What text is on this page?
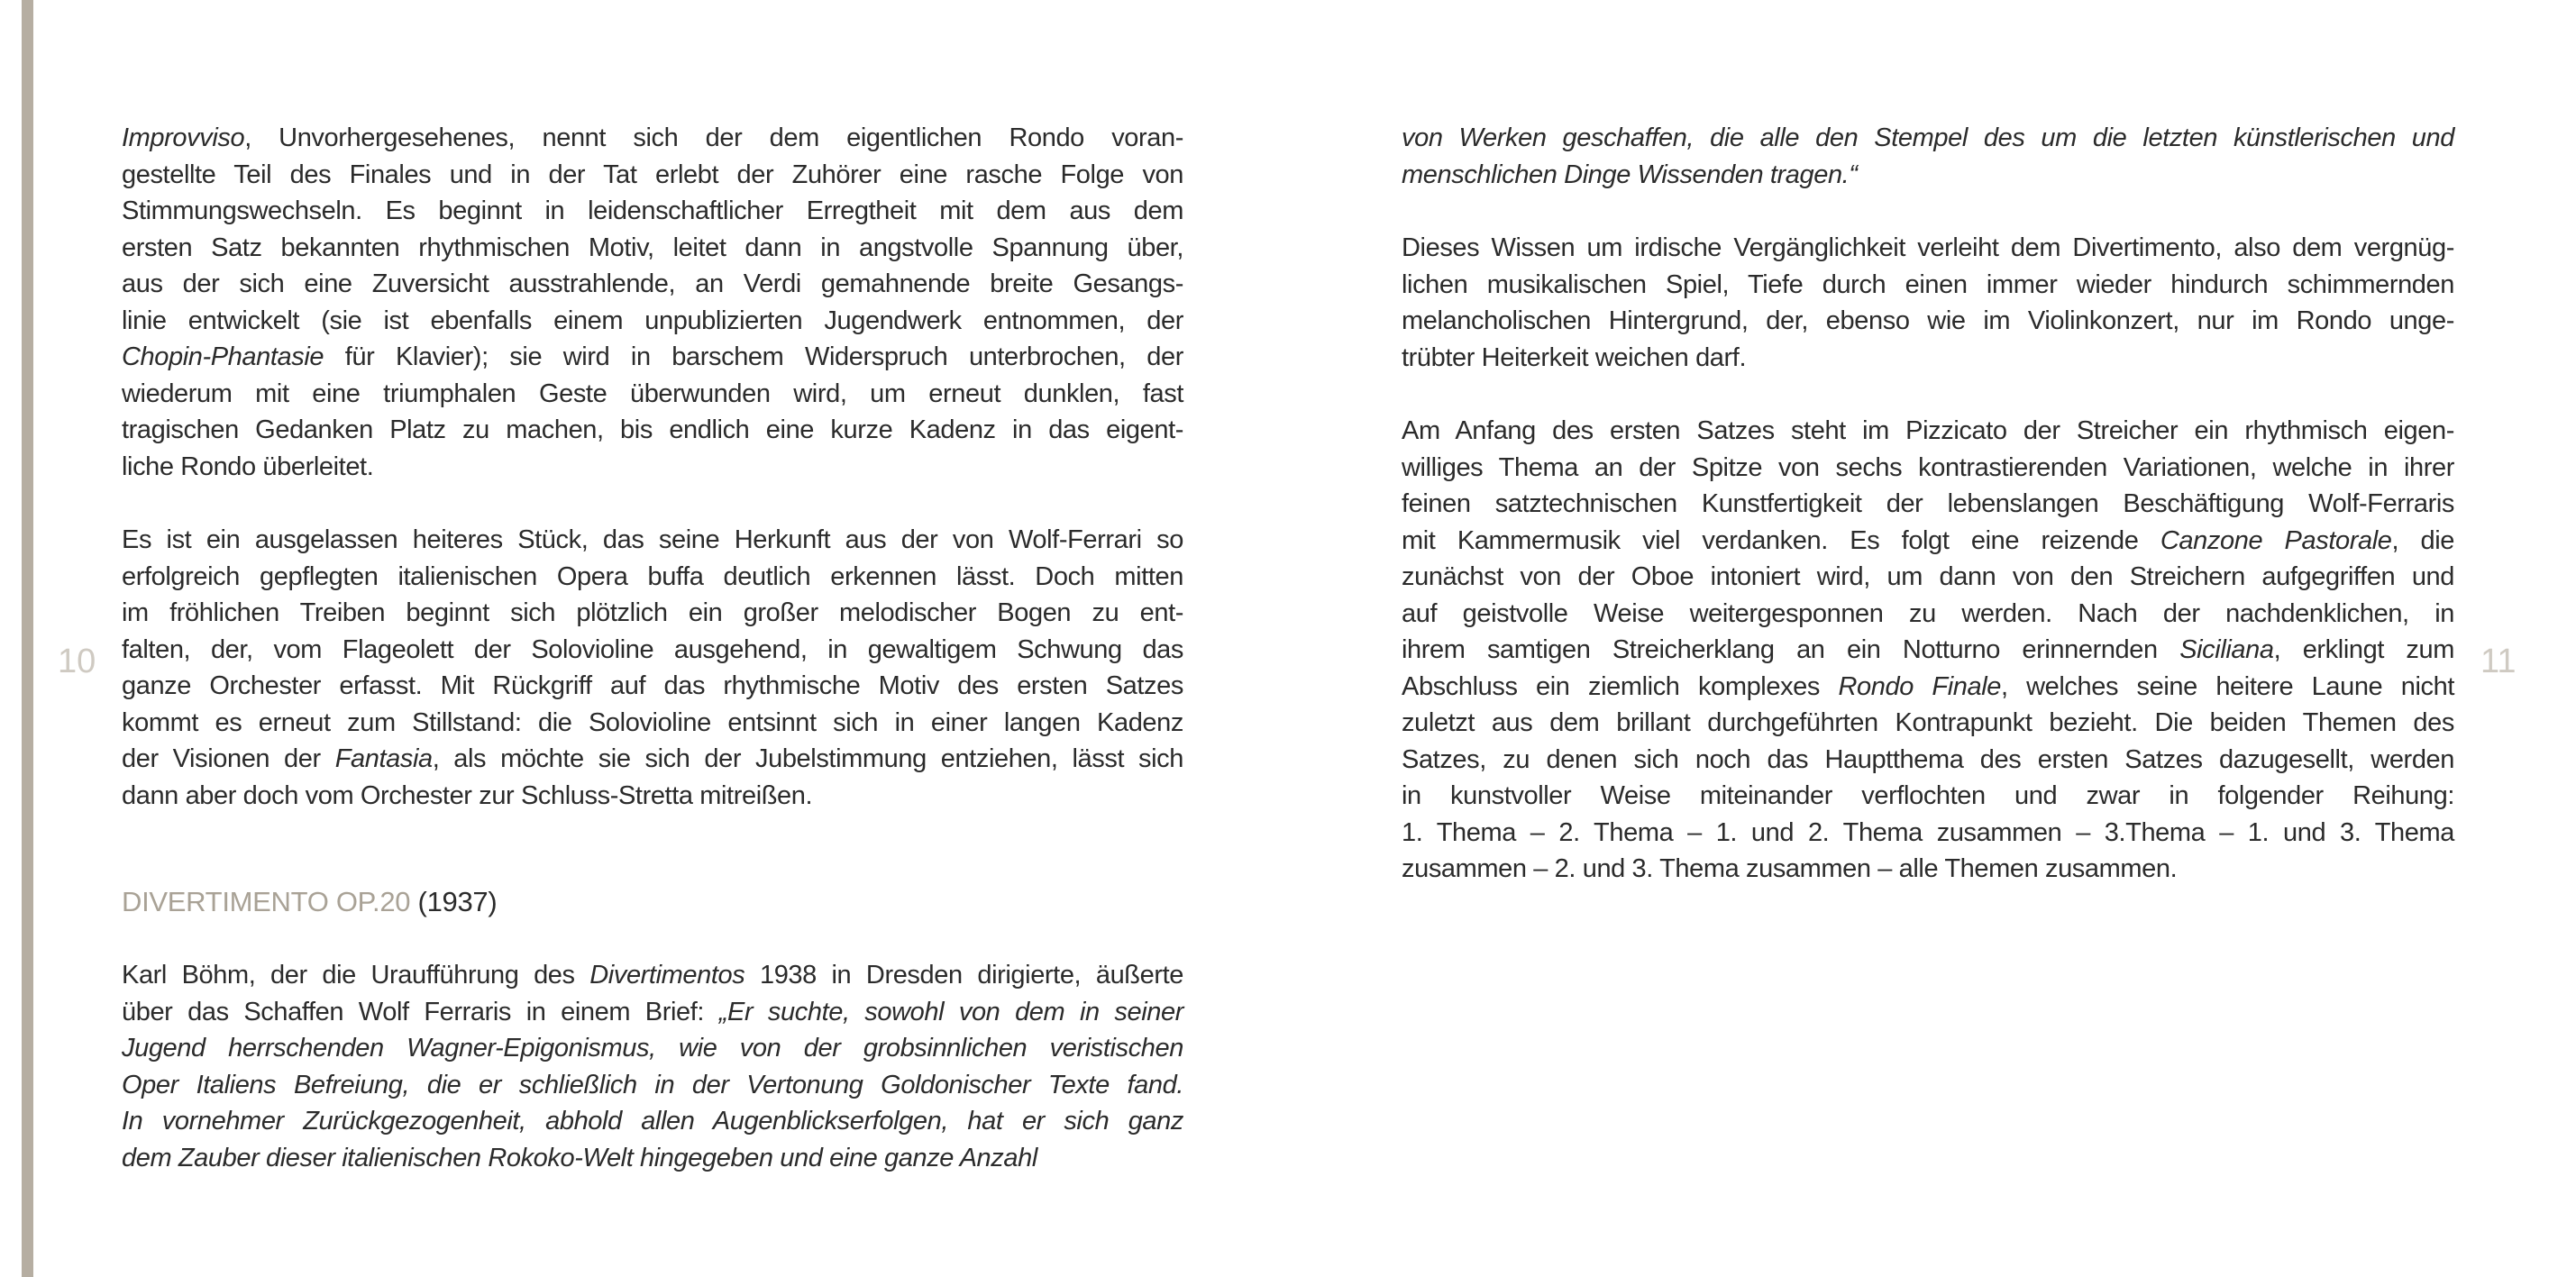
10	11
Improvviso, Unvorhergesehenes, nennt sich der dem eigentlichen Rondo voran-
gestellte Teil des Finales und in der Tat erlebt der Zuhörer eine rasche Folge von
Stimmungswechseln. Es beginnt in leidenschaftlicher Erregtheit mit dem aus dem
ersten Satz bekannten rhythmischen Motiv, leitet dann in angstvolle Spannung über,
aus der sich eine Zuversicht ausstrahlende, an Verdi gemahnende breite Gesangs-
linie entwickelt (sie ist ebenfalls einem unpublizierten Jugendwerk entnommen, der
Chopin-Phantasie für Klavier); sie wird in barschem Widerspruch unterbrochen, der
wiederum mit eine triumphalen Geste überwunden wird, um erneut dunklen, fast
tragischen Gedanken Platz zu machen, bis endlich eine kurze Kadenz in das eigent-
liche Rondo überleitet.
Es ist ein ausgelassen heiteres Stück, das seine Herkunft aus der von Wolf-Ferrari so
erfolgreich gepflegten italienischen Opera buffa deutlich erkennen lässt. Doch mitten
im fröhlichen Treiben beginnt sich plötzlich ein großer melodischer Bogen zu ent-
falten, der, vom Flageolett der Solovioline ausgehend, in gewaltigem Schwung das
ganze Orchester erfasst. Mit Rückgriff auf das rhythmische Motiv des ersten Satzes
kommt es erneut zum Stillstand: die Solovioline entsinnt sich in einer langen Kadenz
der Visionen der Fantasia, als möchte sie sich der Jubelstimmung entziehen, lässt sich
dann aber doch vom Orchester zur Schluss-Stretta mitreißen.
DIVERTIMENTO OP.20 (1937)
Karl Böhm, der die Uraufführung des Divertimentos 1938 in Dresden dirigierte, äußerte
über das Schaffen Wolf Ferraris in einem Brief: „Er suchte, sowohl von dem in seiner
Jugend herrschenden Wagner-Epigonismus, wie von der grobsinnlichen veristischen
Oper Italiens Befreiung, die er schließlich in der Vertonung Goldonischer Texte fand.
In vornehmer Zurückgezogenheit, abhold allen Augenblickserfolgen, hat er sich ganz
dem Zauber dieser italienischen Rokoko-Welt hingegeben und eine ganze Anzahl
von Werken geschaffen, die alle den Stempel des um die letzten künstlerischen und
menschlichen Dinge Wissenden tragen.“
Dieses Wissen um irdische Vergänglichkeit verleiht dem Divertimento, also dem vergnüg-
lichen musikalischen Spiel, Tiefe durch einen immer wieder hindurch schimmernden
melancholischen Hintergrund, der, ebenso wie im Violinkonzert, nur im Rondo unge-
trübter Heiterkeit weichen darf.
Am Anfang des ersten Satzes steht im Pizzicato der Streicher ein rhythmisch eigen-
williges Thema an der Spitze von sechs kontrastierenden Variationen, welche in ihrer
feinen satztechnischen Kunstfertigkeit der lebenslangen Beschäftigung Wolf-Ferraris
mit Kammermusik viel verdanken. Es folgt eine reizende Canzone Pastorale, die
zunächst von der Oboe intoniert wird, um dann von den Streichern aufgegriffen und
auf geistvolle Weise weitergesponnen zu werden. Nach der nachdenklichen, in
ihrem samtigen Streicherklang an ein Notturno erinnernden Siciliana, erklingt zum
Abschluss ein ziemlich komplexes Rondo Finale, welches seine heitere Laune nicht
zuletzt aus dem brillant durchgeführten Kontrapunkt bezieht. Die beiden Themen des
Satzes, zu denen sich noch das Hauptthema des ersten Satzes dazugesellt, werden
in kunstvoller Weise miteinander verflochten und zwar in folgender Reihung:
1. Thema – 2. Thema – 1. und 2. Thema zusammen – 3.Thema – 1. und 3. Thema
zusammen – 2. und 3. Thema zusammen – alle Themen zusammen.
